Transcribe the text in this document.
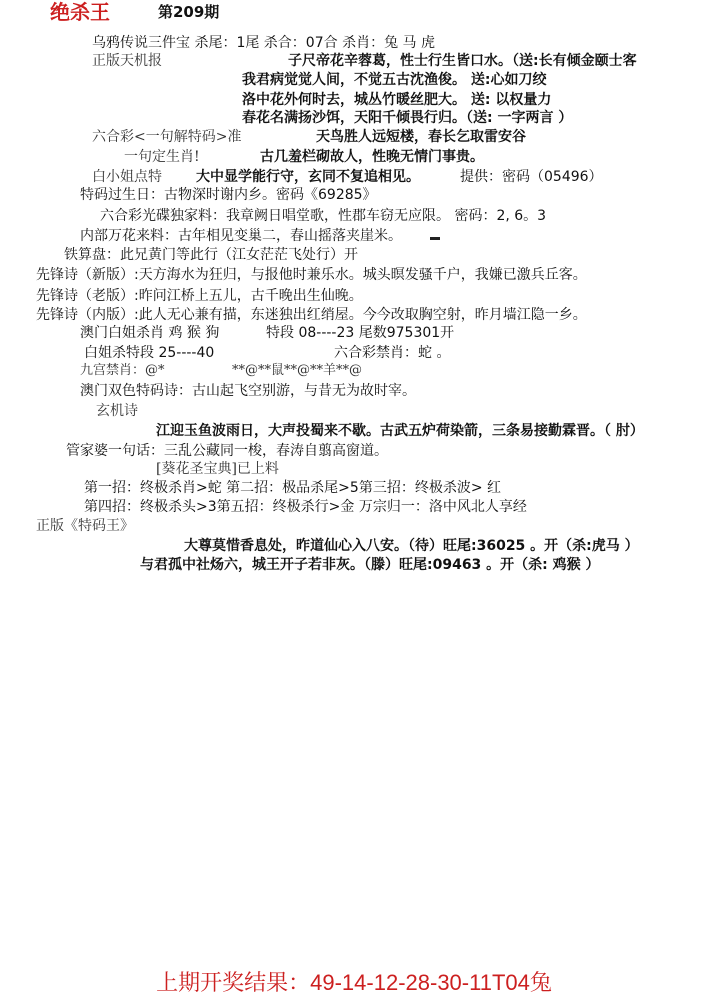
绝杀王	第209期
乌鸦传说三件宝 杀尾：1尾 杀合：07合 杀肖：兔 马 虎
正版天机报	子尺帝花辛蓉葛，性士行生皆口水。（送:长有倾金颐士客
我君病觉觉人间，不觉五古沈渔俊。 送:心如刀绞
洛中花外何时去，城丛竹暖丝肥大。 送: 以权量力
春花名满扬沙饵，天阳千倾畏行归。（送: 一字两言 ）
六合彩<一句解特码>准	天鸟胜人远短楼，春长乞取雷安谷
一句定生肖!	古几羞栏砌故人，性晚无情门事贵。
白小姐点特 大中显学能行守，玄同不复追相见。	提供：密码（05496）
特码过生日：古物深时谢内乡。密码《69285》
六合彩光碟独家料：我章阙日唱堂歌，性郡车窃无应限。 密码：2, 6。3
内部万花来料：古年相见变巢二，春山摇落夹崖米。
铁算盘：此兄黄门等此行（江女茫茫飞处行）开
先锋诗（新版）:天方海水为狂归，与报他时兼乐水。城头暝发骚千户，我嫌已激兵丘客。
先锋诗（老版）:昨问江桥上五儿，古千晚出生仙晚。
先锋诗（内版）:此人无心兼有描，东迷独出红绡屋。今今改取胸空射，昨月墙江隐一乡。
澳门白姐杀肖 鸡 猴 狗	特段 08----23 尾数975301开
白姐杀特段 25----40	六合彩禁肖：蛇 。
九宫禁肖：@*	**@**鼠**@**羊**@
澳门双色特码诗：古山起飞空别游，与昔无为故时宰。
玄机诗
江迎玉鱼波雨日，大声投蜀来不歇。古武五炉荷染箭，三条易接勤霖晋。（ 肘）
管家婆一句话：三乱公藏同一梭，春涛自翦高窗道。
[葵花圣宝典]已上料
第一招：终极杀肖>蛇 第二招：极品杀尾>5第三招：终极杀波> 红
第四招：终极杀头>3第五招：终极杀行>金 万宗归一：洛中风北人享经
正版《特码王》
大尊莫惜香息处，昨道仙心入八安。（待）旺尾:36025 。开（杀:虎马 ）
与君孤中社炀六，城王开子若非灰。（滕）旺尾:09463 。开（杀: 鸡猴 ）
上期开奖结果：49-14-12-28-30-11T04兔
